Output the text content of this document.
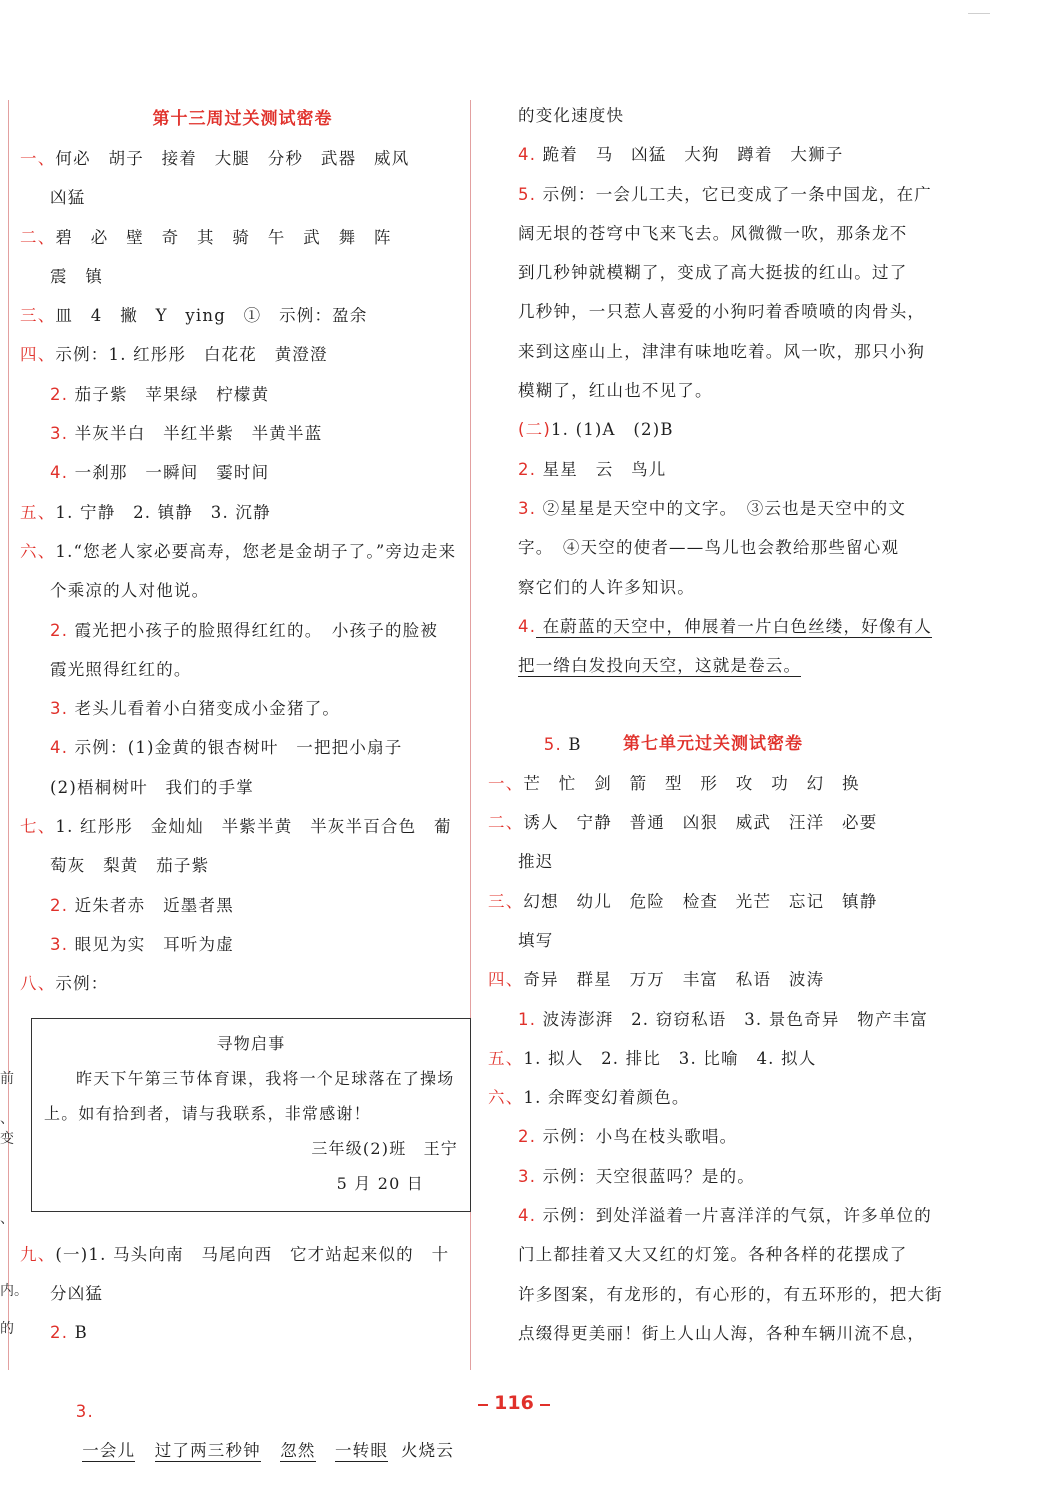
前
、
变
、
内。
的
第十三周过关测试密卷
一、何必　胡子　接着　大腿　分秒　武器　威风
凶猛
二、碧　必　壁　奇　其　骑　午　武　舞　阵
震　镇
三、皿　4　撇　Y　ying　①　示例：盈余
四、示例：1. 红彤彤　白花花　黄澄澄
2. 茄子紫　苹果绿　柠檬黄
3. 半灰半白　半红半紫　半黄半蓝
4. 一刹那　一瞬间　霎时间
五、1. 宁静　2. 镇静　3. 沉静
六、1.“您老人家必要高寿，您老是金胡子了。”旁边走来
个乘凉的人对他说。
2. 霞光把小孩子的脸照得红红的。　小孩子的脸被
霞光照得红红的。
3. 老头儿看着小白猪变成小金猪了。
4. 示例：(1)金黄的银杏树叶　一把把小扇子
(2)梧桐树叶　我们的手掌
七、1. 红彤彤　金灿灿　半紫半黄　半灰半百合色　葡
萄灰　梨黄　茄子紫
2. 近朱者赤　近墨者黑
3. 眼见为实　耳听为虚
八、示例：
九、(一)1. 马头向南　马尾向西　它才站起来似的　十
分凶猛
2. B

3.
一会儿 过了两三秒钟 忽然 一转眼 火烧云

寻物启事
昨天下午第三节体育课，我将一个足球落在了操场上。如有拾到者，请与我联系，非常感谢！
三年级(2)班　王宁
5 月 20 日
的变化速度快
4. 跪着　马　凶猛　大狗　蹲着　大狮子
5. 示例：一会儿工夫，它已变成了一条中国龙，在广
阔无垠的苍穹中飞来飞去。风微微一吹，那条龙不
到几秒钟就模糊了，变成了高大挺拔的红山。过了
几秒钟，一只惹人喜爱的小狗叼着香喷喷的肉骨头，
来到这座山上，津津有味地吃着。风一吹，那只小狗
模糊了，红山也不见了。
(二)1. (1)A　(2)B
2. 星星　云　鸟儿
3. ②星星是天空中的文字。　③云也是天空中的文
字。　④天空的使者——鸟儿也会教给那些留心观
察它们的人许多知识。
4. 在蔚蓝的天空中，伸展着一片白色丝缕，好像有人
把一绺白发投向天空，这就是卷云。

5. B
	第七单元过关测试密卷
一、芒　忙　剑　箭　型　形　攻　功　幻　换
二、诱人　宁静　普通　凶狠　威武　汪洋　必要
推迟
三、幻想　幼儿　危险　检查　光芒　忘记　镇静
填写
四、奇异　群星　万万　丰富　私语　波涛
1. 波涛澎湃　2. 窃窃私语　3. 景色奇异　物产丰富
五、1. 拟人　2. 排比　3. 比喻　4. 拟人
六、1. 余晖变幻着颜色。
2. 示例：小鸟在枝头歌唱。
3. 示例：天空很蓝吗？是的。
4. 示例：到处洋溢着一片喜洋洋的气氛，许多单位的
门上都挂着又大又红的灯笼。各种各样的花摆成了
许多图案，有龙形的，有心形的，有五环形的，把大街
点缀得更美丽！街上人山人海，各种车辆川流不息，
116
